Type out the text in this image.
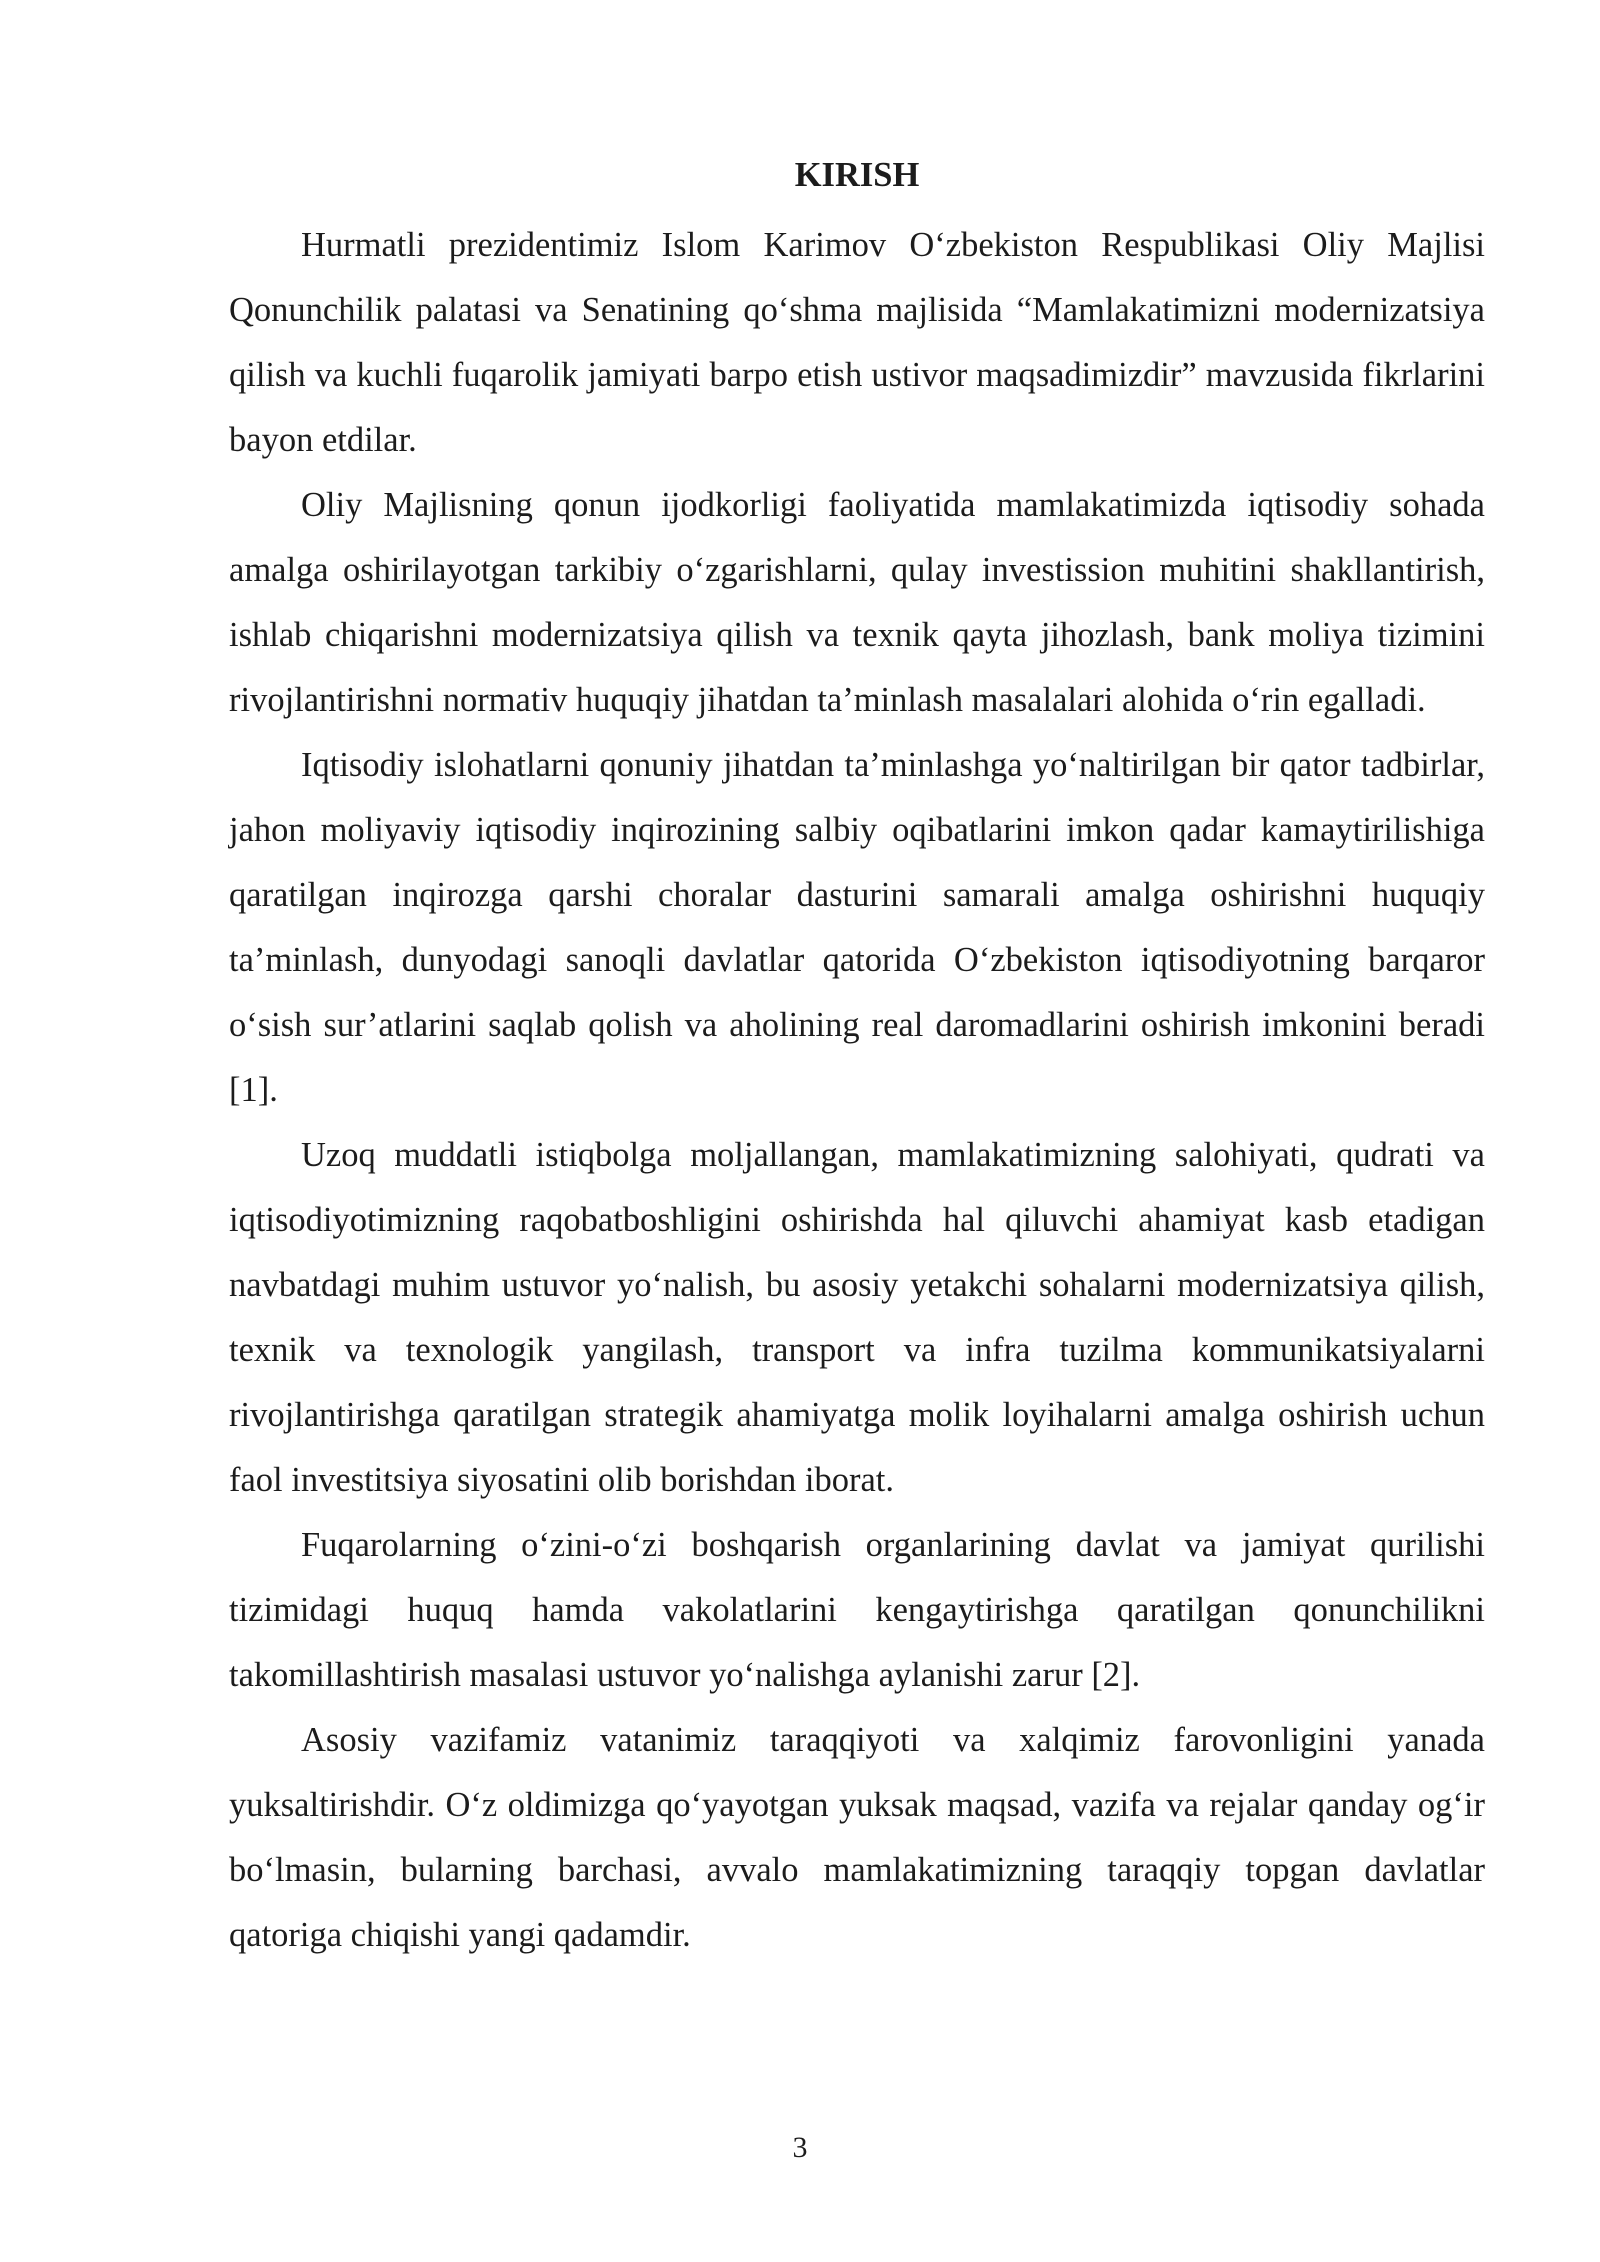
KIRISH

Hurmatli prezidentimiz Islom Karimov O‘zbekiston Respublikasi Oliy Majlisi Qonunchilik palatasi va Senatining qo‘shma majlisida “Mamlakatimizni modernizatsiya qilish va kuchli fuqarolik jamiyati barpo etish ustivor maqsadimizdir” mavzusida fikrlarini bayon etdilar.

Oliy Majlisning qonun ijodkorligi faoliyatida mamlakatimizda iqtisodiy sohada amalga oshirilayotgan tarkibiy o‘zgarishlarni, qulay investission muhitini shakllantirish, ishlab chiqarishni modernizatsiya qilish va texnik qayta jihozlash, bank moliya tizimini rivojlantirishni normativ huquqiy jihatdan ta’minlash masalalari alohida o‘rin egalladi.

Iqtisodiy islohatlarni qonuniy jihatdan ta’minlashga yo‘naltirilgan bir qator tadbirlar, jahon moliyaviy iqtisodiy inqirozining salbiy oqibatlarini imkon qadar kamaytirilishiga qaratilgan inqirozga qarshi choralar dasturini samarali amalga oshirishni huquqiy ta’minlash, dunyodagi sanoqli davlatlar qatorida O‘zbekiston iqtisodiyotning barqaror o‘sish sur’atlarini saqlab qolish va aholining real daromadlarini oshirish imkonini beradi [1].

Uzoq muddatli istiqbolga moljallangan, mamlakatimizning salohiyati, qudrati va iqtisodiyotimizning raqobatboshligini oshirishda hal qiluvchi ahamiyat kasb etadigan navbatdagi muhim ustuvor yo‘nalish, bu asosiy yetakchi sohalarni modernizatsiya qilish, texnik va texnologik yangilash, transport va infra tuzilma kommunikatsiyalarni rivojlantirishga qaratilgan strategik ahamiyatga molik loyihalarni amalga oshirish uchun faol investitsiya siyosatini olib borishdan iborat.

Fuqarolarning o‘zini-o‘zi boshqarish organlarining davlat va jamiyat qurilishi tizimidagi huquq hamda vakolatlarini kengaytirishga qaratilgan qonunchilikni takomillashtirish masalasi ustuvor yo‘nalishga aylanishi zarur [2].

Asosiy vazifamiz vatanimiz taraqqiyoti va xalqimiz farovonligini yanada yuksaltirishdir. O‘z oldimizga qo‘yayotgan yuksak maqsad, vazifa va rejalar qanday og‘ir bo‘lmasin, bularning barchasi, avvalo mamlakatimizning taraqqiy topgan davlatlar qatoriga chiqishi yangi qadamdir.

3
